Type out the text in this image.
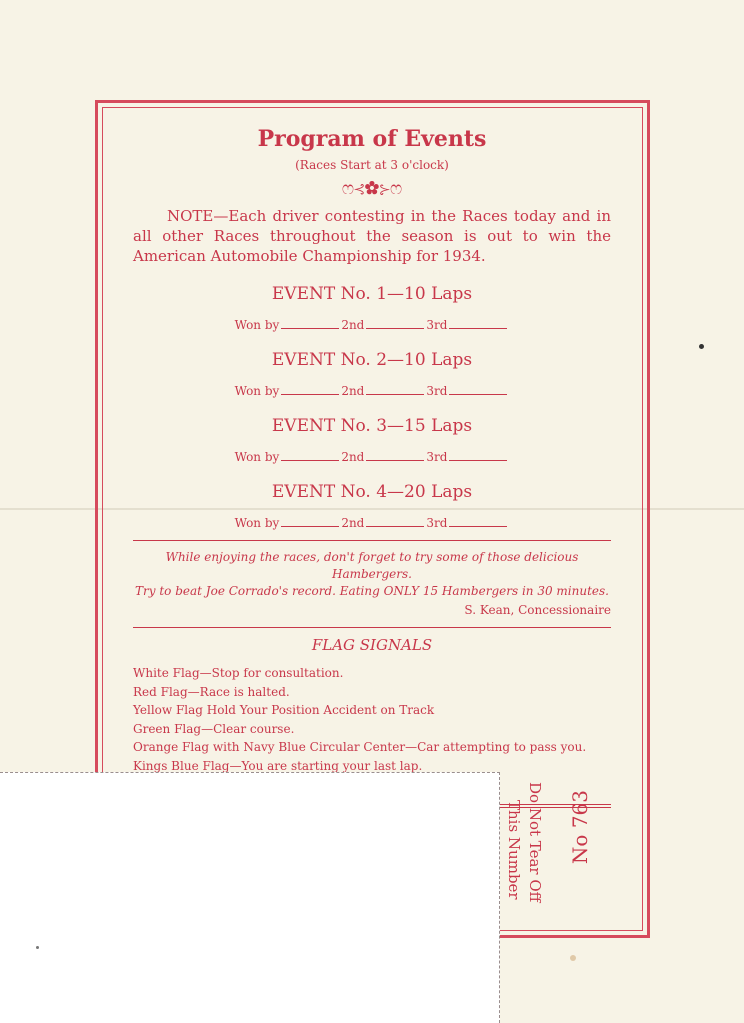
Program of Events
(Races Start at 3 o'clock)
ෆ⊰✿⊱ෆ
NOTE—Each driver contesting in the Races today and in all other Races throughout the season is out to win the American Automobile Championship for 1934.
EVENT No. 1—10 Laps
Won by	2nd	3rd
EVENT No. 2—10 Laps
Won by	2nd	3rd
EVENT No. 3—15 Laps
Won by	2nd	3rd
EVENT No. 4—20 Laps
Won by	2nd	3rd
While enjoying the races, don't forget to try some of those delicious Hambergers.
Try to beat Joe Corrado's record. Eating ONLY 15 Hambergers in 30 minutes.
S. Kean, Concessionaire
FLAG SIGNALS
White Flag—Stop for consultation.
Red Flag—Race is halted.
Yellow Flag Hold Your Position Accident on Track
Green Flag—Clear course.
Orange Flag with Navy Blue Circular Center—Car attempting to pass you.
Kings Blue Flag—You are starting your last lap.
Do Not Tear Off
This Number No 763
